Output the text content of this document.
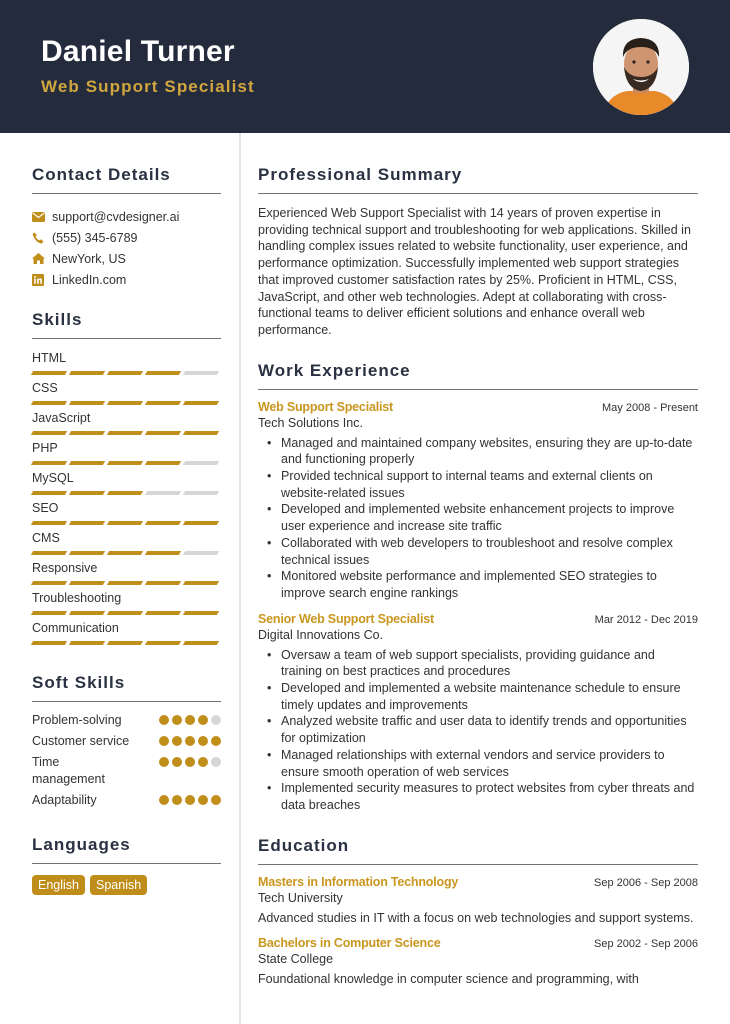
Daniel Turner
Web Support Specialist
Contact Details
support@cvdesigner.ai
(555) 345-6789
NewYork, US
LinkedIn.com
Skills
HTML
CSS
JavaScript
PHP
MySQL
SEO
CMS
Responsive
Troubleshooting
Communication
Soft Skills
Problem-solving
Customer service
Time management
Adaptability
Languages
English	Spanish
Professional Summary

Experienced Web Support Specialist with 14 years of proven expertise in providing technical support and troubleshooting for web applications. Skilled in handling complex issues related to website functionality, user experience, and performance optimization. Successfully implemented web support strategies that improved customer satisfaction rates by 25%. Proficient in HTML, CSS, JavaScript, and other web technologies. Adept at collaborating with cross-functional teams to deliver efficient solutions and enhance overall web performance.

Work Experience
Web Support Specialist	May 2008 - Present
Tech Solutions Inc.
• Managed and maintained company websites, ensuring they are up-to-date and functioning properly
• Provided technical support to internal teams and external clients on website-related issues
• Developed and implemented website enhancement projects to improve user experience and increase site traffic
• Collaborated with web developers to troubleshoot and resolve complex technical issues
• Monitored website performance and implemented SEO strategies to improve search engine rankings
Senior Web Support Specialist	Mar 2012 - Dec 2019
Digital Innovations Co.
• Oversaw a team of web support specialists, providing guidance and training on best practices and procedures
• Developed and implemented a website maintenance schedule to ensure timely updates and improvements
• Analyzed website traffic and user data to identify trends and opportunities for optimization
• Managed relationships with external vendors and service providers to ensure smooth operation of web services
• Implemented security measures to protect websites from cyber threats and data breaches
Education
Masters in Information Technology	Sep 2006 - Sep 2008
Tech University

Advanced studies in IT with a focus on web technologies and support systems.

Bachelors in Computer Science	Sep 2002 - Sep 2006
State College

Foundational knowledge in computer science and programming, with
